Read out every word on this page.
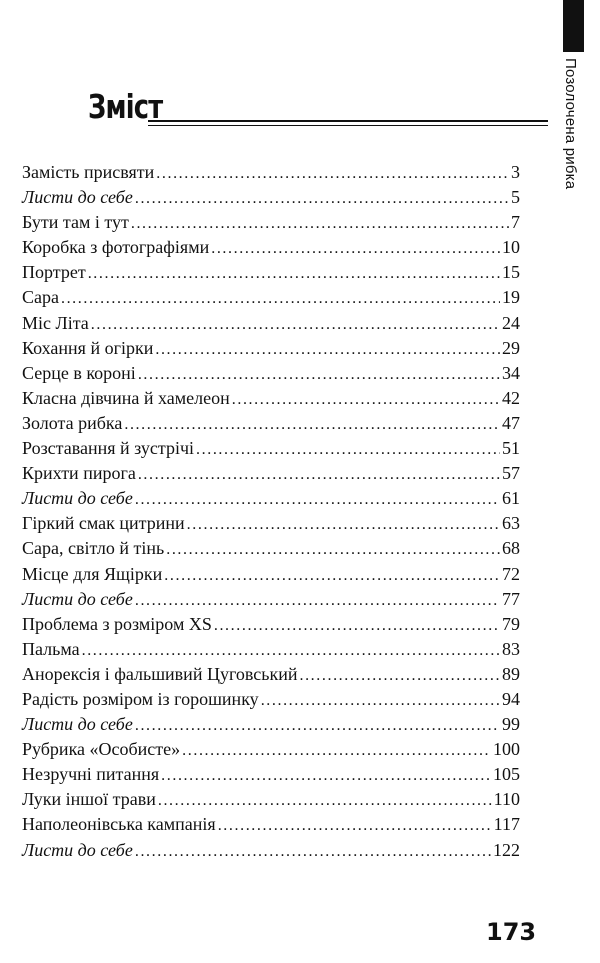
Позолочена рибка
Зміст
Замість присвяти .....	3
Листи до себе .....	5
Бути там і тут .....	7
Коробка з фотографіями .....	10
Портрет .....	15
Сара .....	19
Міс Літа .....	24
Кохання й огірки .....	29
Серце в короні .....	34
Класна дівчина й хамелеон .....	42
Золота рибка .....	47
Розставання й зустрічі .....	51
Крихти пирога .....	57
Листи до себе .....	61
Гіркий смак цитрини .....	63
Сара, світло й тінь .....	68
Місце для Ящірки .....	72
Листи до себе .....	77
Проблема з розміром XS .....	79
Пальма .....	83
Анорексія і фальшивий Цуговський .....	89
Радість розміром із горошинку .....	94
Листи до себе .....	99
Рубрика «Особисте» .....	100
Незручні питання .....	105
Луки іншої трави .....	110
Наполеонівська кампанія .....	117
Листи до себе .....	122
173
